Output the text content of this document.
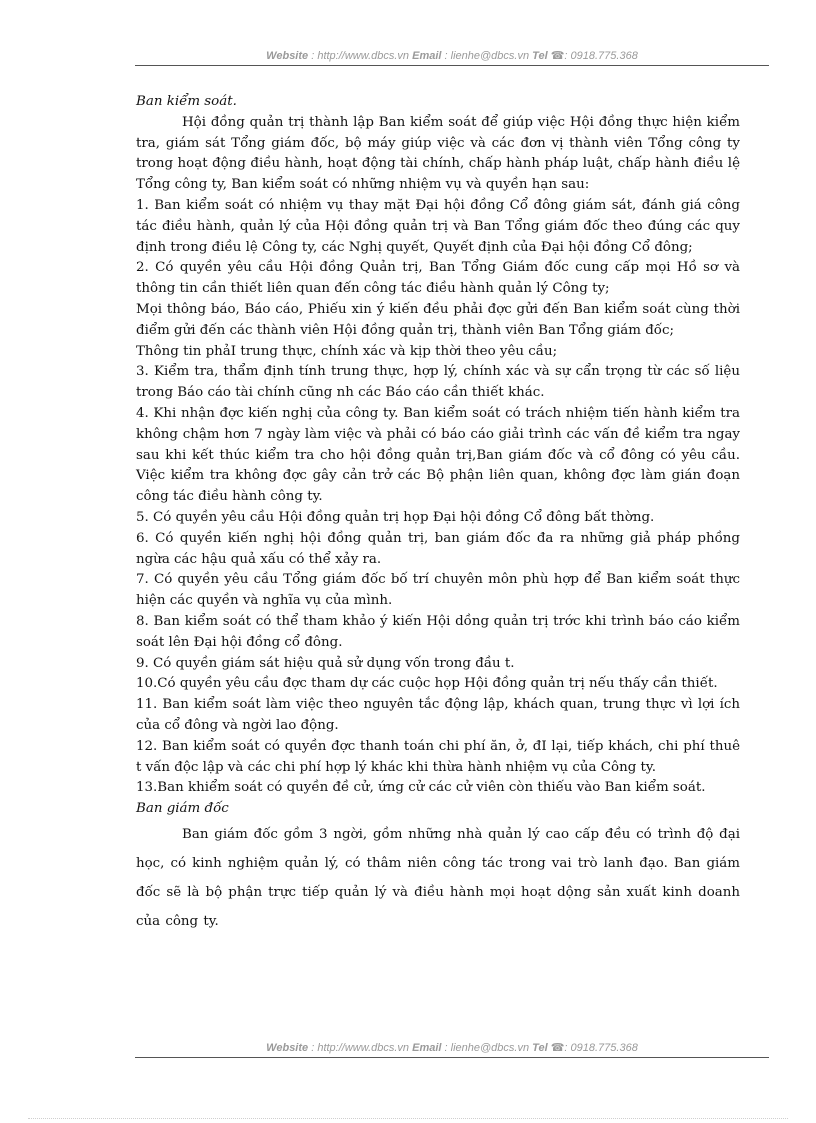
Website : http://www.dbcs.vn Email : lienhe@dbcs.vn Tel ☎: 0918.775.368

Ban kiểm soát.

Hội đồng quản trị thành lập Ban kiểm soát để giúp việc Hội đồng thực hiện kiểm tra, giám sát Tổng giám đốc, bộ máy giúp việc và các đơn vị thành viên Tổng công ty trong hoạt động điều hành, hoạt động tài chính, chấp hành pháp luật, chấp hành điều lệ Tổng công ty, Ban kiểm soát có những nhiệm vụ và quyền hạn sau:

1. Ban kiểm soát có nhiệm vụ thay mặt Đại hội đồng Cổ đông giám sát, đánh giá công tác điều hành, quản lý của Hội đồng quản trị và Ban Tổng giám đốc theo đúng các quy định trong điều lệ Công ty, các Nghị quyết, Quyết định của Đại hội đồng Cổ đông;

2. Có quyền yêu cầu Hội đồng Quản trị, Ban Tổng Giám đốc cung cấp mọi Hồ sơ và thông tin cần thiết liên quan đến công tác điều hành quản lý Công ty;

Mọi thông báo, Báo cáo, Phiếu xin ý kiến đều phải đợc gửi đến Ban kiểm soát cùng thời điểm gửi đến các thành viên Hội đồng quản trị, thành viên Ban Tổng giám đốc;

Thông tin phảI trung thực, chính xác và kịp thời theo yêu cầu;

3. Kiểm tra, thẩm định tính trung thực, hợp lý, chính xác và sự cẩn trọng từ các số liệu trong Báo cáo tài chính cũng nh các Báo cáo cần thiết khác.

4. Khi nhận đợc kiến nghị của công ty. Ban kiểm soát có trách nhiệm tiến hành kiểm tra không chậm hơn 7 ngày làm việc và phải có báo cáo giải trình các vấn đề kiểm tra ngay sau khi kết thúc kiểm tra cho hội đồng quản trị,Ban giám đốc và cổ đông có yêu cầu. Việc kiểm tra không đợc gây cản trở các Bộ phận liên quan, không đợc làm gián đoạn công tác điều hành công ty.

5. Có quyền yêu cầu Hội đồng quản trị họp Đại hội đồng Cổ đông bất thờng.

6. Có quyền kiến nghị hội đồng quản trị, ban giám đốc đa ra những giả pháp phồng ngừa các hậu quả xấu có thể xảy ra.

7. Có quyền yêu cầu Tổng giám đốc bố trí chuyên môn phù hợp để Ban kiểm soát thực hiện các quyền và nghĩa vụ của mình.

8. Ban kiểm soát có thể tham khảo ý kiến Hội dồng quản trị trớc khi trình báo cáo kiểm soát lên Đại hội đồng cổ đông.

9. Có quyền giám sát hiệu quả sử dụng vốn trong đầu t.

10.Có quyền yêu cầu đợc tham dự các cuộc họp Hội đồng quản trị nếu thấy cần thiết.

11. Ban kiểm soát làm việc theo nguyên tắc động lập, khách quan, trung thực vì lợi ích của cổ đông và ngời lao động.

12. Ban kiểm soát có quyền đợc thanh toán chi phí ăn, ở, đI lại, tiếp khách, chi phí thuê t vấn độc lập và các chi phí hợp lý khác khi thừa hành nhiệm vụ của Công ty.

13.Ban khiểm soát có quyền đề cử, ứng cử các cử viên còn thiếu vào Ban kiểm soát.

Ban giám đốc

Ban giám đốc gồm 3 ngời, gồm những nhà quản lý cao cấp đều có trình độ đại học, có kinh nghiệm quản lý, có thâm niên công tác trong vai trò lanh đạo. Ban giám đốc sẽ là bộ phận trực tiếp quản lý và điều hành mọi hoạt dộng sản xuất kinh doanh của công ty.

Website : http://www.dbcs.vn Email : lienhe@dbcs.vn Tel ☎: 0918.775.368
